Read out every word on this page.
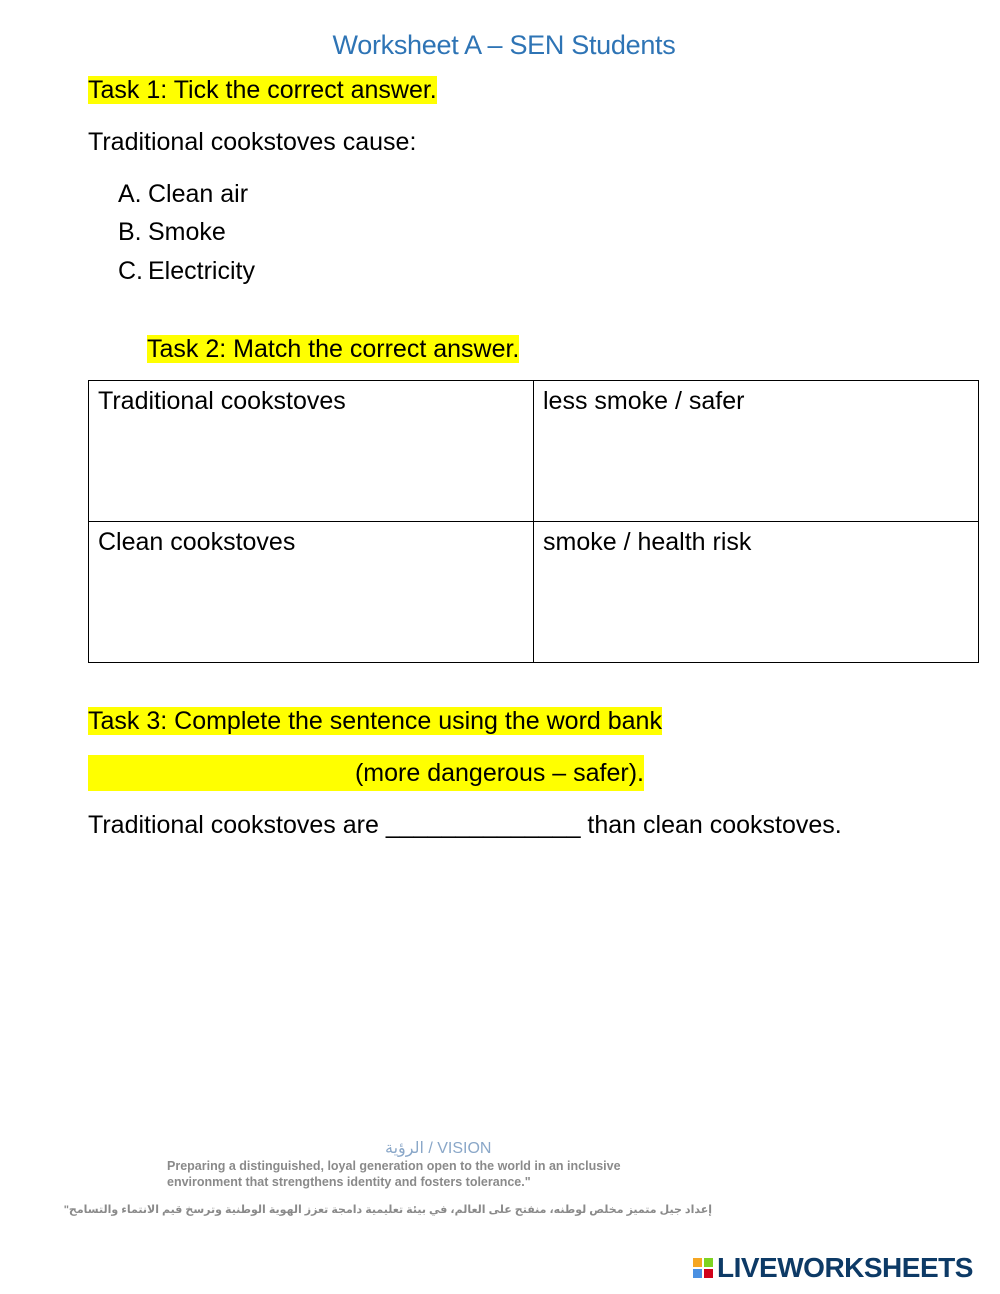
Worksheet A – SEN Students
Task 1: Tick the correct answer.
Traditional cookstoves cause:
A. Clean air
B. Smoke
C. Electricity
Task 2: Match the correct answer.
Traditional cookstoves	less smoke / safer
Clean cookstoves	smoke / health risk
Task 3: Complete the sentence using the word bank
(more dangerous – safer).
Traditional cookstoves are ______________ than clean cookstoves.
الرؤية / VISION
Preparing a distinguished, loyal generation open to the world in an inclusive environment that strengthens identity and fosters tolerance."
إعداد جيل متميز مخلص لوطنه، منفتح على العالم، في بيئة تعليمية دامجة تعزز الهوية الوطنية وترسخ قيم الانتماء والتسامح"
LIVEWORKSHEETS
